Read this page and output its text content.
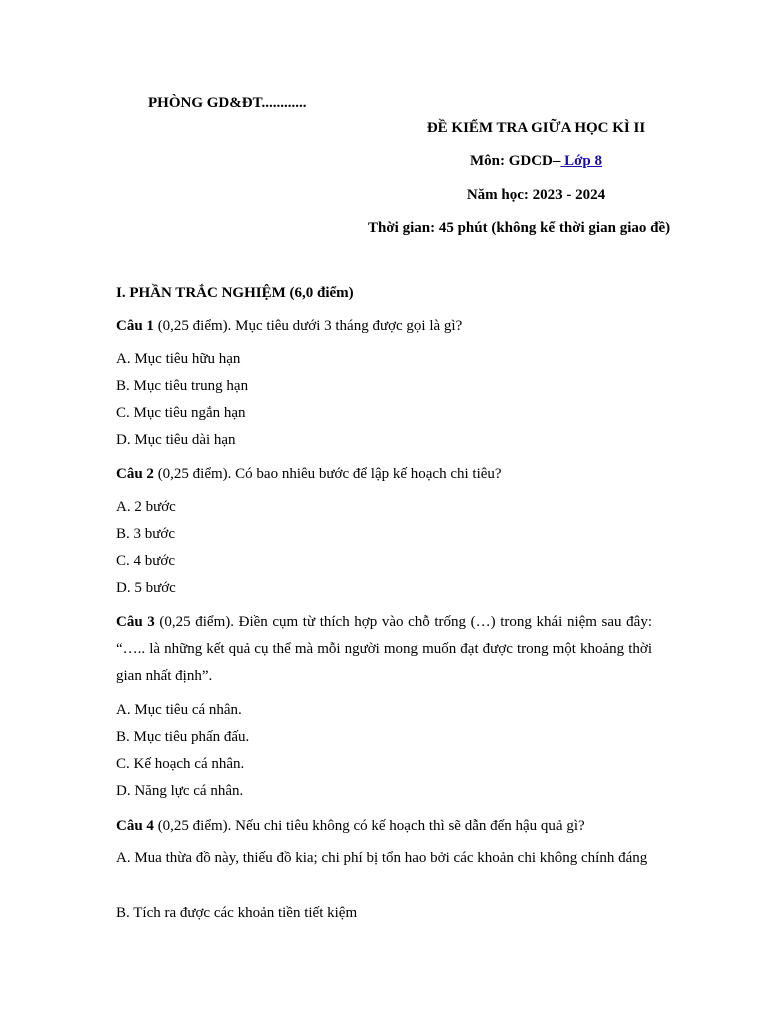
PHÒNG GD&ĐT............
ĐỀ KIỂM TRA GIỮA HỌC KÌ II
Môn: GDCD– Lớp 8
Năm học: 2023 - 2024
Thời gian: 45 phút (không kể thời gian giao đề)
I. PHẦN TRẮC NGHIỆM (6,0 điểm)
Câu 1 (0,25 điểm). Mục tiêu dưới 3 tháng được gọi là gì?
A. Mục tiêu hữu hạn
B. Mục tiêu trung hạn
C. Mục tiêu ngắn hạn
D. Mục tiêu dài hạn
Câu 2 (0,25 điểm). Có bao nhiêu bước để lập kế hoạch chi tiêu?
A. 2 bước
B. 3 bước
C. 4 bước
D. 5 bước
Câu 3 (0,25 điểm). Điền cụm từ thích hợp vào chỗ trống (…) trong khái niệm sau đây: “….. là những kết quả cụ thể mà mỗi người mong muốn đạt được trong một khoảng thời gian nhất định”.
A. Mục tiêu cá nhân.
B. Mục tiêu phấn đấu.
C. Kế hoạch cá nhân.
D. Năng lực cá nhân.
Câu 4 (0,25 điểm). Nếu chi tiêu không có kế hoạch thì sẽ dẫn đến hậu quả gì?
A. Mua thừa đồ này, thiếu đồ kia; chi phí bị tổn hao bởi các khoản chi không chính đáng
B. Tích ra được các khoản tiền tiết kiệm
